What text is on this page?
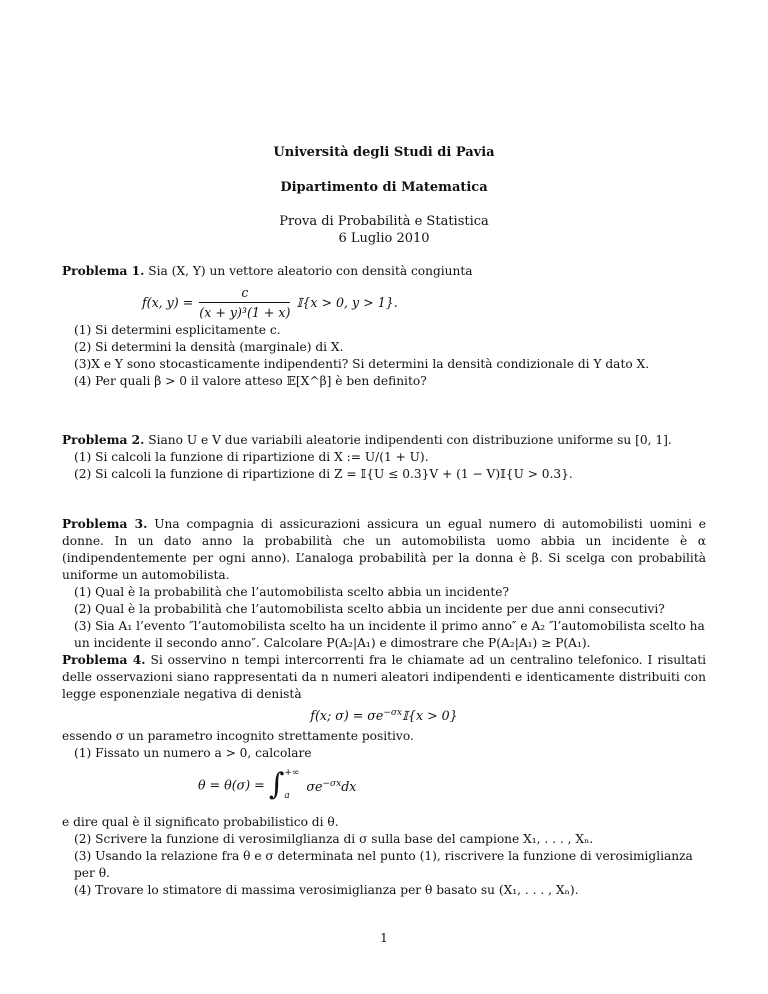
Università degli Studi di Pavia
Dipartimento di Matematica
Prova di Probabilità e Statistica
6 Luglio 2010

Problema 1. Sia (X, Y) un vettore aleatorio con densità congiunta

f(x, $y) = \frac{c}{\text{(x + y)³(1 + x)}}$ 𝕀{x > 0, y > 1}.
(1) Si determini esplicitamente c.
(2) Si determini la densità (marginale) di X.
(3)X e Y sono stocasticamente indipendenti? Si determini la densità condizionale di Y dato X.
(4) Per quali β > 0 il valore atteso 𝔼[X^β] è ben definito?

Problema 2. Siano U e V due variabili aleatorie indipendenti con distribuzione uniforme su [0, 1].

(1) Si calcoli la funzione di ripartizione di X := U/(1 + U).
(2) Si calcoli la funzione di ripartizione di Z = 𝕀{U ≤ 0.3}V + (1 − V)𝕀{U > 0.3}.

Problema 3. Una compagnia di assicurazioni assicura un egual numero di automobilisti uomini e donne. In un dato anno la probabilità che un automobilista uomo abbia un incidente è α (indipendentemente per ogni anno). L’analoga probabilità per la donna è β. Si scelga con probabilità uniforme un automobilista.

(1) Qual è la probabilità che l’automobilista scelto abbia un incidente?
(2) Qual è la probabilità che l’automobilista scelto abbia un incidente per due anni consecutivi?
(3) Sia A₁ l’evento ″l’automobilista scelto ha un incidente il primo anno″ e A₂ ″l’automobilista scelto ha un incidente il secondo anno″. Calcolare P(A₂|A₁) e dimostrare che P(A₂|A₁) ≥ P(A₁).

Problema 4. Si osservino n tempi intercorrenti fra le chiamate ad un centralino telefonico. I risultati delle osservazioni siano rappresentati da n numeri aleatori indipendenti e identicamente distribuiti con legge esponenziale negativa di denistà

f(x; $\sigma) = \sigma e^{-\sigma x}𝕀\{x > 0\}$

essendo σ un parametro incognito strettamente positivo.

(1) Fissato un numero a > 0, calcolare
θ = θ(σ) = ∫ +∞
a
$\sigma e^{-\sigma x}dx$

e dire qual è il significato probabilistico di θ.

(2) Scrivere la funzione di verosimilglianza di σ sulla base del campione X₁, . . . , Xₙ.
(3) Usando la relazione fra θ e σ determinata nel punto (1), riscrivere la funzione di verosimiglianza per θ.
(4) Trovare lo stimatore di massima verosimiglianza per θ basato su (X₁, . . . , Xₙ).
1
